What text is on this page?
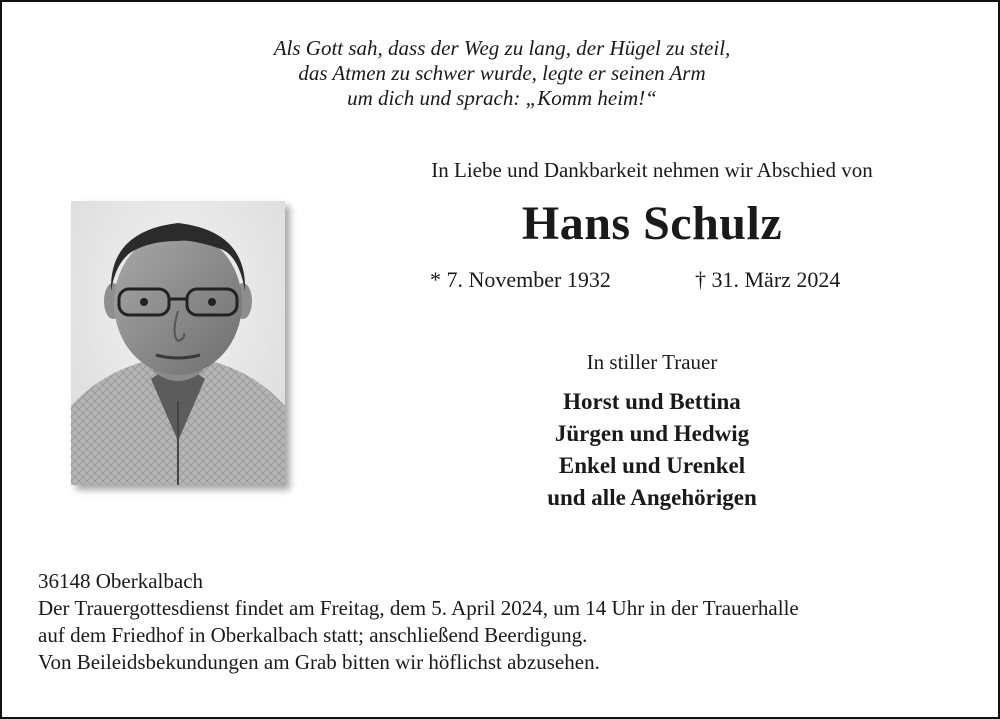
Als Gott sah, dass der Weg zu lang, der Hügel zu steil,
das Atmen zu schwer wurde, legte er seinen Arm
um dich und sprach: „Komm heim!“
In Liebe und Dankbarkeit nehmen wir Abschied von
Hans Schulz
* 7. November 1932	† 31. März 2024
In stiller Trauer
Horst und Bettina
Jürgen und Hedwig
Enkel und Urenkel
und alle Angehörigen
36148 Oberkalbach
Der Trauergottesdienst findet am Freitag, dem 5. April 2024, um 14 Uhr in der Trauerhalle
auf dem Friedhof in Oberkalbach statt; anschließend Beerdigung.
Von Beileidsbekundungen am Grab bitten wir höflichst abzusehen.
